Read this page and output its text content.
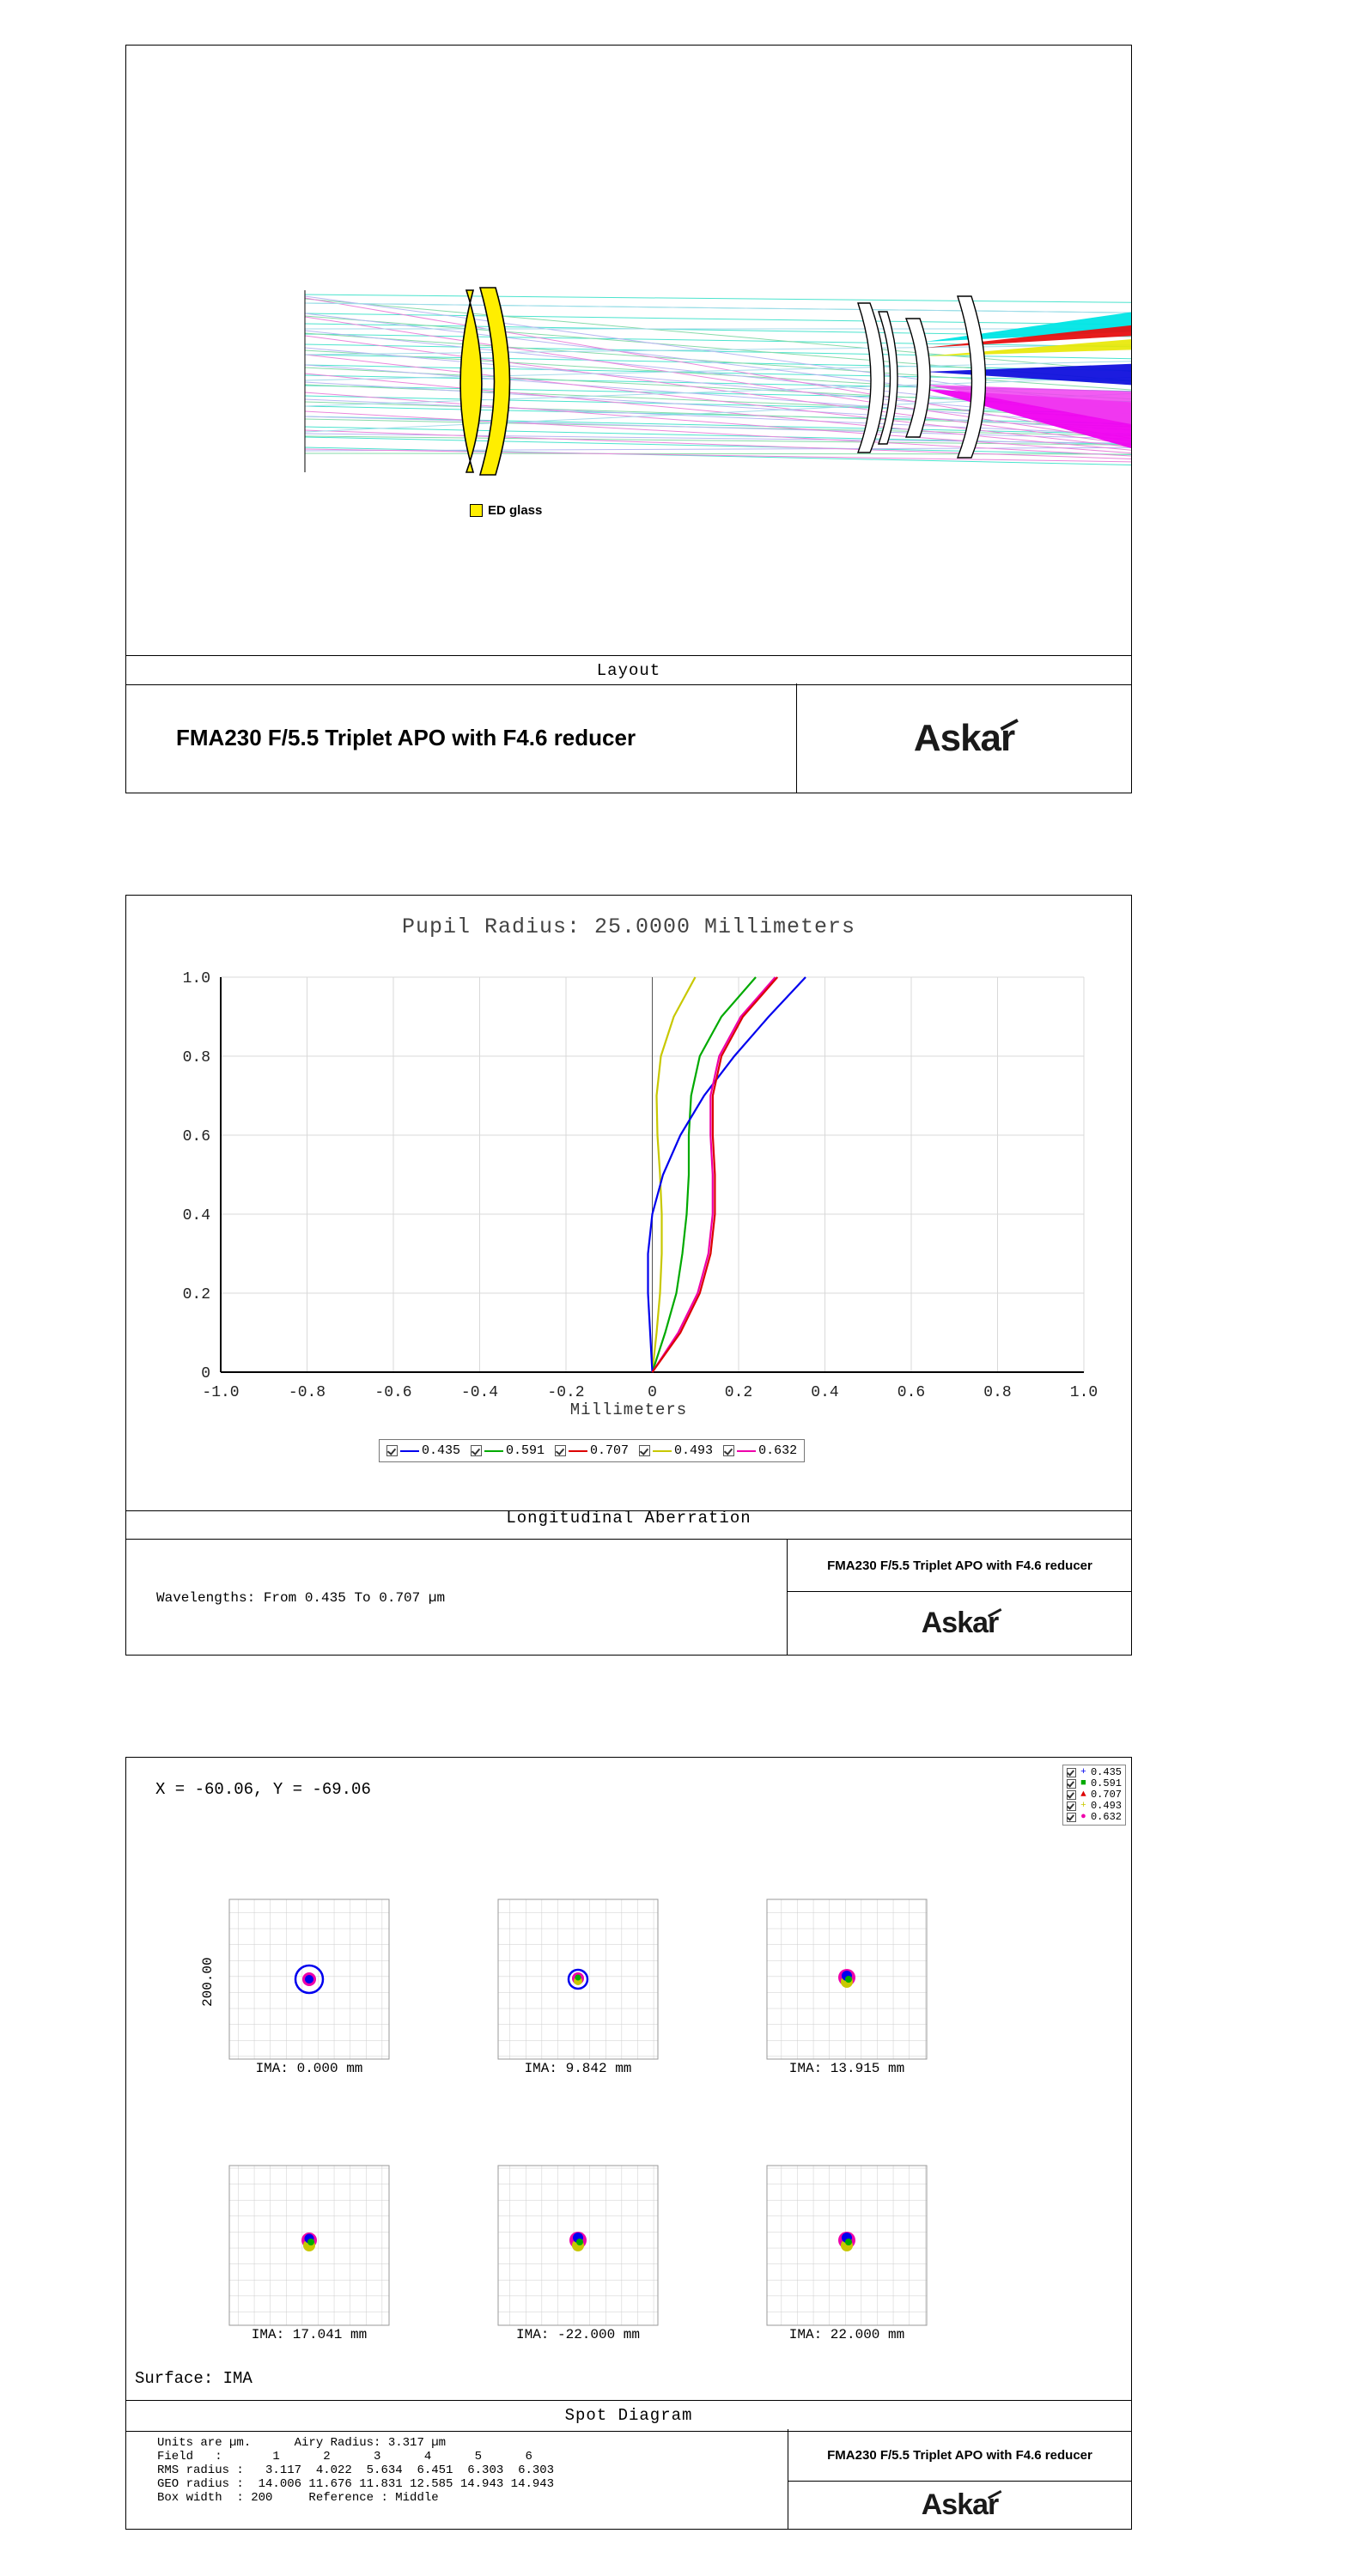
ED glass
Layout
FMA230 F/5.5 Triplet APO with F4.6 reducer	Askar
Pupil Radius: 25.0000 Millimeters
-1.0	-0.8	-0.6	-0.4	-0.2	0	0.2	0.4	0.6	0.8	1.0
1.0
0.8
0.6
0.4
0.2
0
Millimeters
0.435	0.591	0.707	0.493	0.632
Longitudinal Aberration
Wavelengths: From 0.435 To 0.707 µm
FMA230 F/5.5 Triplet APO with F4.6 reducer
Askar
X = -60.06, Y = -69.06
+ 0.435
■ 0.591
▲ 0.707
+ 0.493
● 0.632
IMA: 0.000 mm	IMA: 9.842 mm	IMA: 13.915 mm
IMA: 17.041 mm	IMA: -22.000 mm	IMA: 22.000 mm
200.00
Surface: IMA
Spot Diagram
Units are µm.      Airy Radius: 3.317 µm
Field   :       1      2      3      4      5      6
RMS radius :   3.117  4.022  5.634  6.451  6.303  6.303
GEO radius :  14.006 11.676 11.831 12.585 14.943 14.943
Box width  : 200     Reference : Middle
FMA230 F/5.5 Triplet APO with F4.6 reducer
Askar
